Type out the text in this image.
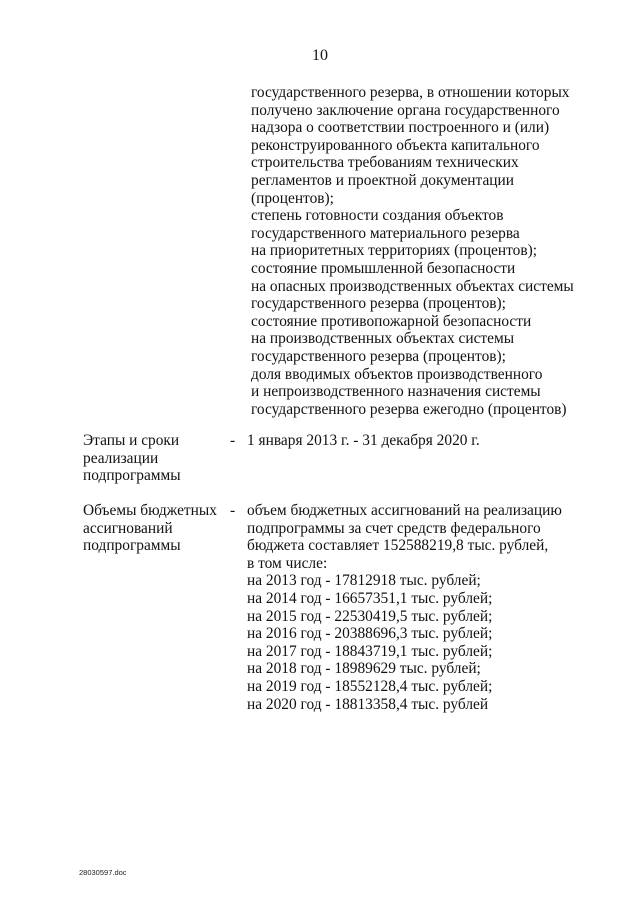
10
государственного резерва, в отношении которых
получено заключение органа государственного
надзора о соответствии построенного и (или)
реконструированного объекта капитального
строительства требованиям технических
регламентов и проектной документации
(процентов);
степень готовности создания объектов
государственного материального резерва
на приоритетных территориях (процентов);
состояние промышленной безопасности
на опасных производственных объектах системы
государственного резерва (процентов);
состояние противопожарной безопасности
на производственных объектах системы
государственного резерва (процентов);
доля вводимых объектов производственного
и непроизводственного назначения системы
государственного резерва ежегодно (процентов)
Этапы и сроки
реализации
подпрограммы
- 1 января 2013 г. - 31 декабря 2020 г.
Объемы бюджетных
ассигнований
подпрограммы
- объем бюджетных ассигнований на реализацию
подпрограммы за счет средств федерального
бюджета составляет 152588219,8 тыс. рублей,
в том числе:
на 2013 год - 17812918 тыс. рублей;
на 2014 год - 16657351,1 тыс. рублей;
на 2015 год - 22530419,5 тыс. рублей;
на 2016 год - 20388696,3 тыс. рублей;
на 2017 год - 18843719,1 тыс. рублей;
на 2018 год - 18989629 тыс. рублей;
на 2019 год - 18552128,4 тыс. рублей;
на 2020 год - 18813358,4 тыс. рублей
28030597.doc
